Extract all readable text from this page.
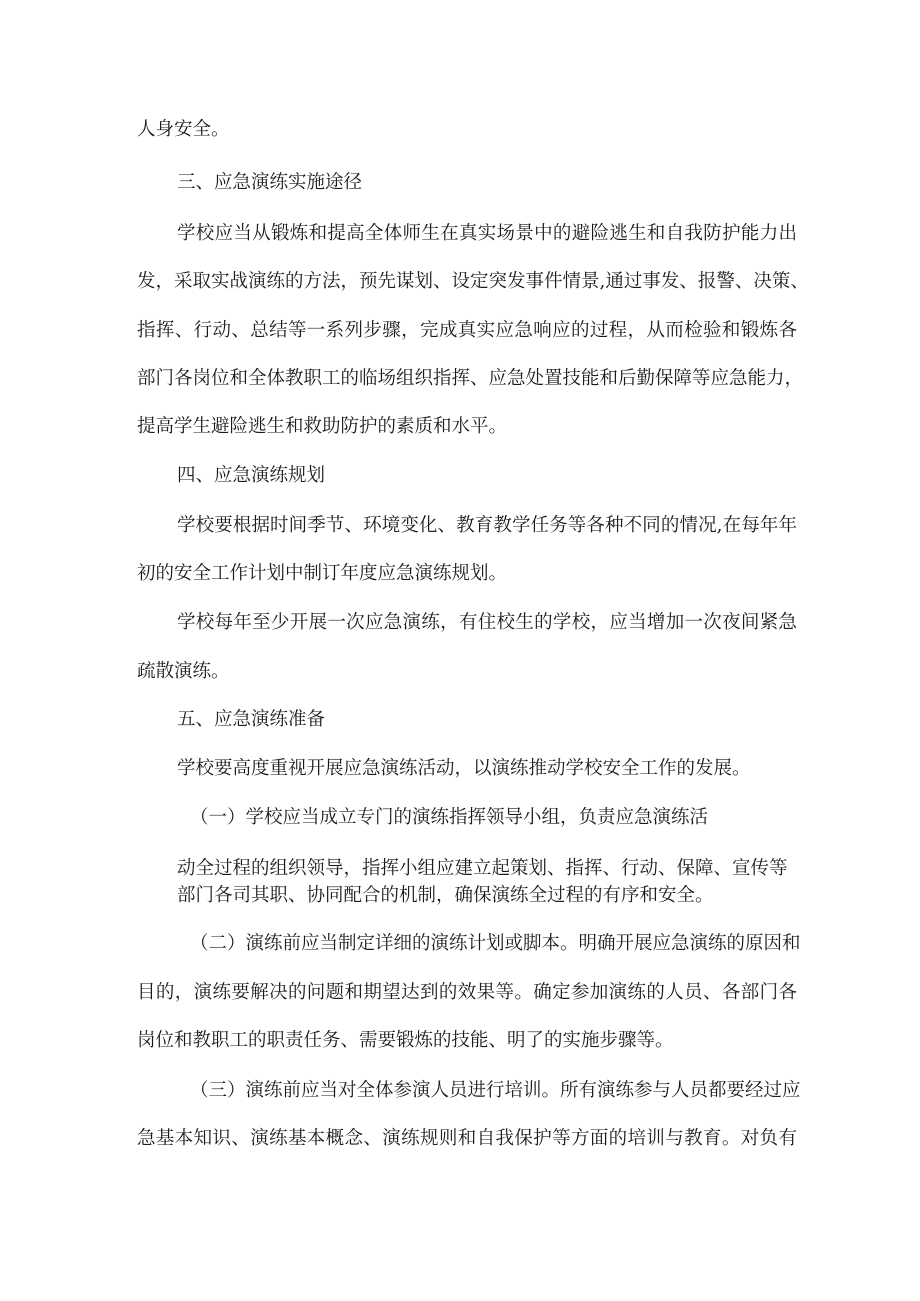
人身安全。
三、应急演练实施途径
学校应当从锻炼和提高全体师生在真实场景中的避险逃生和自我防护能力出
发，采取实战演练的方法，预先谋划、设定突发事件情景,通过事发、报警、决策、
指挥、行动、总结等一系列步骤，完成真实应急响应的过程，从而检验和锻炼各
部门各岗位和全体教职工的临场组织指挥、应急处置技能和后勤保障等应急能力，
提高学生避险逃生和救助防护的素质和水平。
四、应急演练规划
学校要根据时间季节、环境变化、教育教学任务等各种不同的情况,在每年年
初的安全工作计划中制订年度应急演练规划。
学校每年至少开展一次应急演练，有住校生的学校，应当增加一次夜间紧急
疏散演练。
五、应急演练准备
学校要高度重视开展应急演练活动，以演练推动学校安全工作的发展。
（一）学校应当成立专门的演练指挥领导小组，负责应急演练活
动全过程的组织领导，指挥小组应建立起策划、指挥、行动、保障、宣传等
部门各司其职、协同配合的机制，确保演练全过程的有序和安全。
（二）演练前应当制定详细的演练计划或脚本。明确开展应急演练的原因和
目的，演练要解决的问题和期望达到的效果等。确定参加演练的人员、各部门各
岗位和教职工的职责任务、需要锻炼的技能、明了的实施步骤等。
（三）演练前应当对全体参演人员进行培训。所有演练参与人员都要经过应
急基本知识、演练基本概念、演练规则和自我保护等方面的培训与教育。对负有
